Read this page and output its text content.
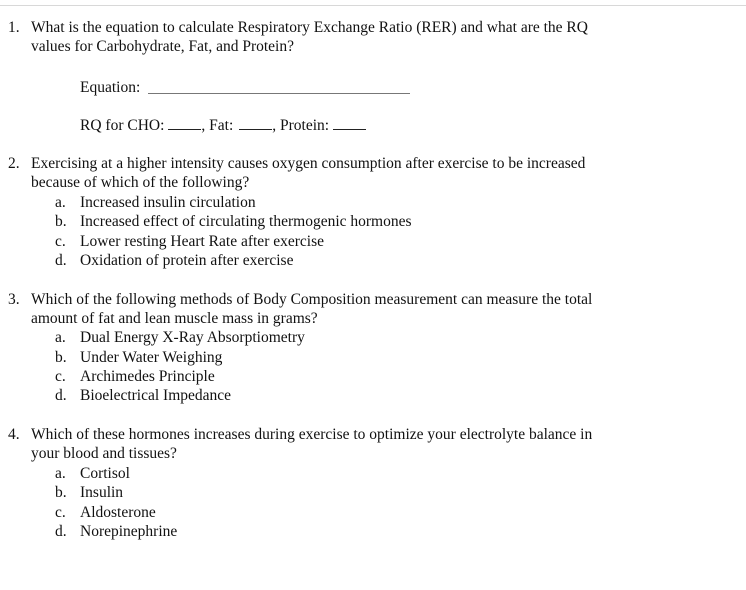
1. What is the equation to calculate Respiratory Exchange Ratio (RER) and what are the RQ
values for Carbohydrate, Fat, and Protein?
Equation:
RQ for CHO: , Fat:	, Protein:
2. Exercising at a higher intensity causes oxygen consumption after exercise to be increased
because of which of the following?
a. Increased insulin circulation
b. Increased effect of circulating thermogenic hormones
c. Lower resting Heart Rate after exercise
d. Oxidation of protein after exercise
3. Which of the following methods of Body Composition measurement can measure the total
amount of fat and lean muscle mass in grams?
a. Dual Energy X-Ray Absorptiometry
b. Under Water Weighing
c. Archimedes Principle
d. Bioelectrical Impedance
4. Which of these hormones increases during exercise to optimize your electrolyte balance in
your blood and tissues?
a. Cortisol
b. Insulin
c. Aldosterone
d. Norepinephrine
